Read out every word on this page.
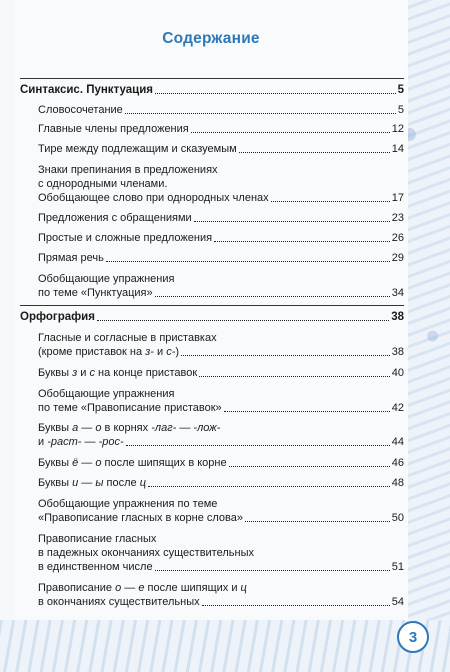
Содержание
Синтаксис. Пунктуация	5
Словосочетание	5
Главные члены предложения	12
Тире между подлежащим и сказуемым	14
Знаки препинания в предложениях
с однородными членами.
Обобщающее слово при однородных членах	17
Предложения с обращениями	23
Простые и сложные предложения	26
Прямая речь	29
Обобщающие упражнения
по теме «Пунктуация»	34
Орфография	38
Гласные и согласные в приставках
(кроме приставок на з- и с-)	38
Буквы з и с на конце приставок	40
Обобщающие упражнения
по теме «Правописание приставок»	42
Буквы а — о в корнях -лаг- — -лож-
и -раст- — -рос-	44
Буквы ё — о после шипящих в корне	46
Буквы и — ы после ц	48
Обобщающие упражнения по теме
«Правописание гласных в корне слова»	50
Правописание гласных
в падежных окончаниях существительных
в единственном числе	51
Правописание о — е после шипящих и ц
в окончаниях существительных	54
3
